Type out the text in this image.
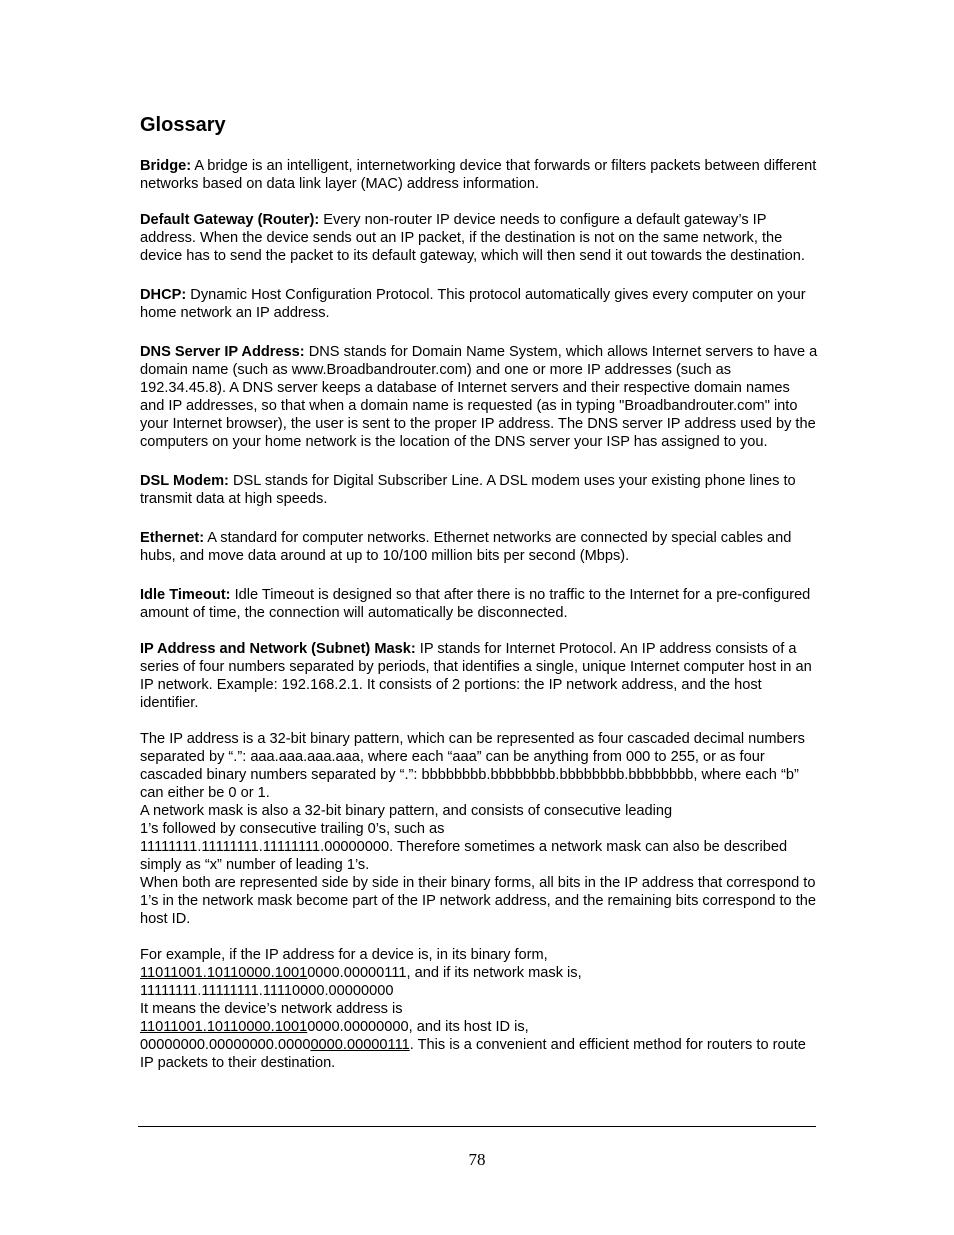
Glossary

Bridge: A bridge is an intelligent, internetworking device that forwards or filters packets between different networks based on data link layer (MAC) address information.

Default Gateway (Router): Every non-router IP device needs to configure a default gateway’s IP address. When the device sends out an IP packet, if the destination is not on the same network, the device has to send the packet to its default gateway, which will then send it out towards the destination.

DHCP: Dynamic Host Configuration Protocol. This protocol automatically gives every computer on your home network an IP address.

DNS Server IP Address: DNS stands for Domain Name System, which allows Internet servers to have a domain name (such as www.Broadbandrouter.com) and one or more IP addresses (such as 192.34.45.8). A DNS server keeps a database of Internet servers and their respective domain names and IP addresses, so that when a domain name is requested (as in typing "Broadbandrouter.com" into your Internet browser), the user is sent to the proper IP address. The DNS server IP address used by the computers on your home network is the location of the DNS server your ISP has assigned to you.

DSL Modem: DSL stands for Digital Subscriber Line. A DSL modem uses your existing phone lines to transmit data at high speeds.

Ethernet: A standard for computer networks. Ethernet networks are connected by special cables and hubs, and move data around at up to 10/100 million bits per second (Mbps).

Idle Timeout: Idle Timeout is designed so that after there is no traffic to the Internet for a pre-configured amount of time, the connection will automatically be disconnected.

IP Address and Network (Subnet) Mask: IP stands for Internet Protocol. An IP address consists of a series of four numbers separated by periods, that identifies a single, unique Internet computer host in an IP network. Example: 192.168.2.1. It consists of 2 portions: the IP network address, and the host identifier.

The IP address is a 32-bit binary pattern, which can be represented as four cascaded decimal numbers separated by “.”: aaa.aaa.aaa.aaa, where each “aaa” can be anything from 000 to 255, or as four cascaded binary numbers separated by “.”: bbbbbbbb.bbbbbbbb.bbbbbbbb.bbbbbbbb, where each “b” can either be 0 or 1.
A network mask is also a 32-bit binary pattern, and consists of consecutive leading
1’s followed by consecutive trailing 0’s, such as
11111111.11111111.11111111.00000000. Therefore sometimes a network mask can also be described simply as “x” number of leading 1’s.
When both are represented side by side in their binary forms, all bits in the IP address that correspond to 1’s in the network mask become part of the IP network address, and the remaining bits correspond to the host ID.
For example, if the IP address for a device is, in its binary form,
11011001.10110000.10010000.00000111, and if its network mask is,
11111111.11111111.11110000.00000000
It means the device’s network address is
11011001.10110000.10010000.00000000, and its host ID is,
00000000.00000000.00000000.00000111. This is a convenient and efficient method for routers to route IP packets to their destination.
78
